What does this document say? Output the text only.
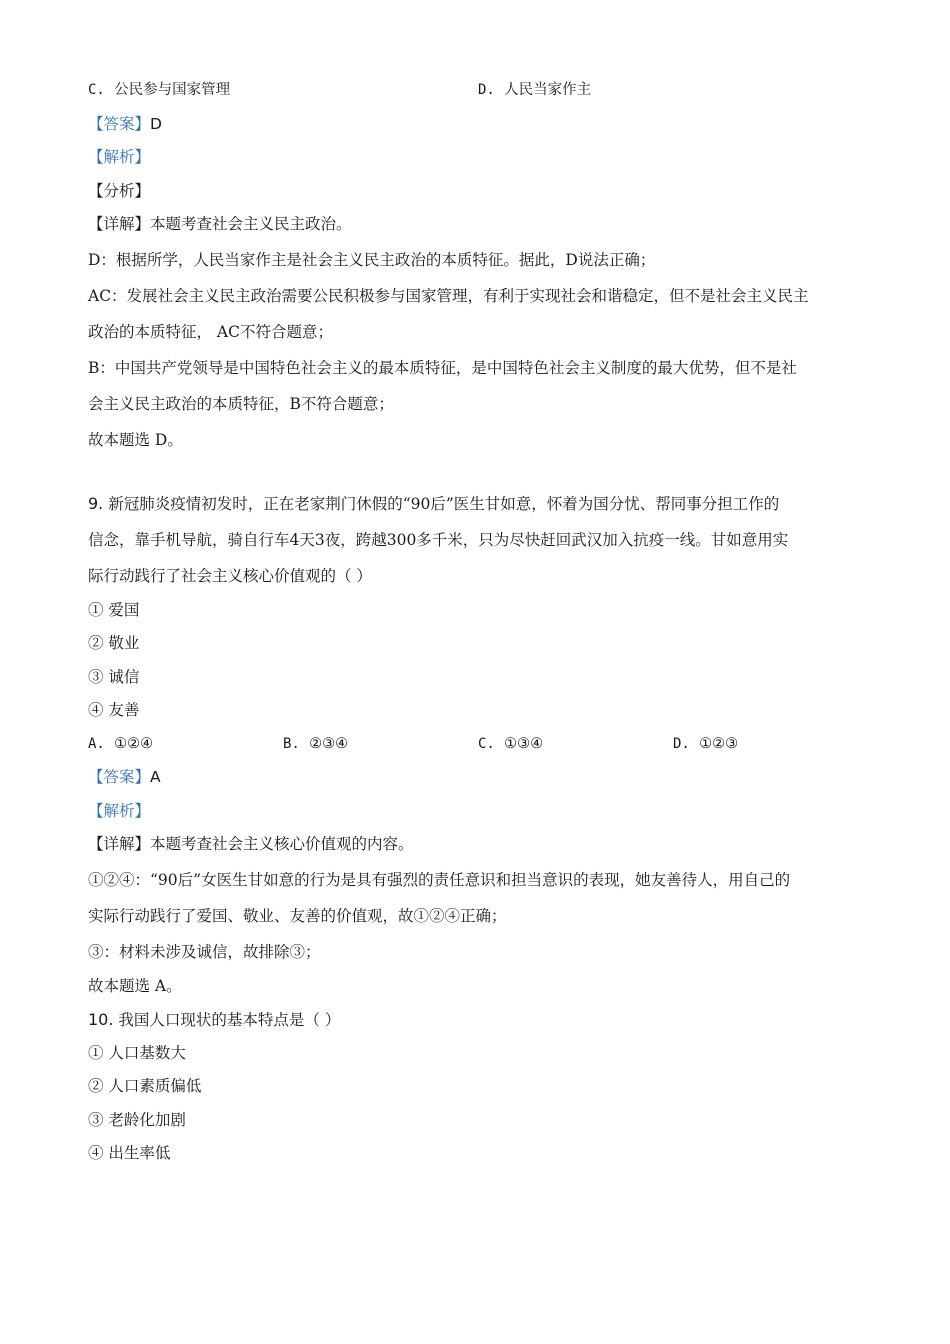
C. 公民参与国家管理	D. 人民当家作主
【答案】D
【解析】
【分析】
【详解】本题考查社会主义民主政治。
D：根据所学，人民当家作主是社会主义民主政治的本质特征。据此，D说法正确；
AC：发展社会主义民主政治需要公民积极参与国家管理，有利于实现社会和谐稳定，但不是社会主义民主
政治的本质特征， AC不符合题意；
B：中国共产党领导是中国特色社会主义的最本质特征，是中国特色社会主义制度的最大优势，但不是社
会主义民主政治的本质特征，B不符合题意；
故本题选 D。
9. 新冠肺炎疫情初发时，正在老家荆门休假的“90后”医生甘如意，怀着为国分忧、帮同事分担工作的
信念，靠手机导航，骑自行车4天3夜，跨越300多千米，只为尽快赶回武汉加入抗疫一线。甘如意用实
际行动践行了社会主义核心价值观的（ ）
① 爱国
② 敬业
③ 诚信
④ 友善
A. ①②④	B. ②③④	C. ①③④	D. ①②③
【答案】A
【解析】
【详解】本题考查社会主义核心价值观的内容。
①②④：“90后”女医生甘如意的行为是具有强烈的责任意识和担当意识的表现，她友善待人，用自己的
实际行动践行了爱国、敬业、友善的价值观，故①②④正确；
③：材料未涉及诚信，故排除③；
故本题选 A。
10. 我国人口现状的基本特点是（ ）
① 人口基数大
② 人口素质偏低
③ 老龄化加剧
④ 出生率低
